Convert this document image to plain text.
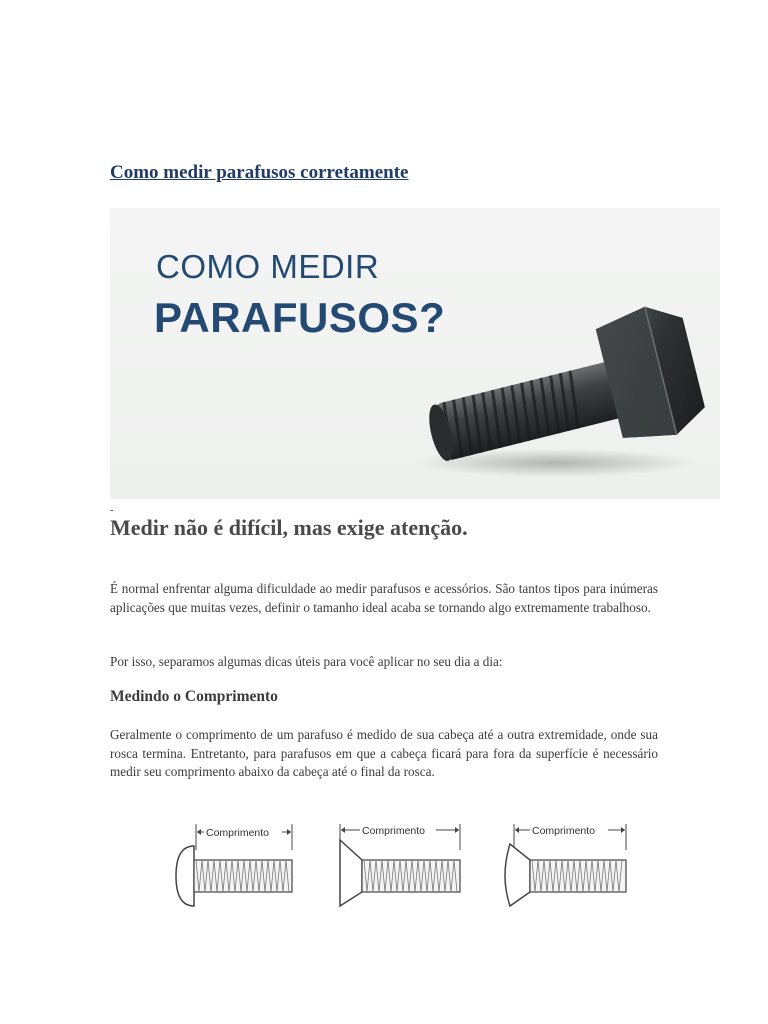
Como medir parafusos corretamente
COMO MEDIR
PARAFUSOS?
-
Medir não é difícil, mas exige atenção.

É normal enfrentar alguma dificuldade ao medir parafusos e acessórios. São tantos tipos para inúmeras aplicações que muitas vezes, definir o tamanho ideal acaba se tornando algo extremamente trabalhoso.

Por isso, separamos algumas dicas úteis para você aplicar no seu dia a dia:

Medindo o Comprimento

Geralmente o comprimento de um parafuso é medido de sua cabeça até a outra extremidade, onde sua rosca termina. Entretanto, para parafusos em que a cabeça ficará para fora da superfície é necessário medir seu comprimento abaixo da cabeça até o final da rosca.

Comprimento	Comprimento	Comprimento
